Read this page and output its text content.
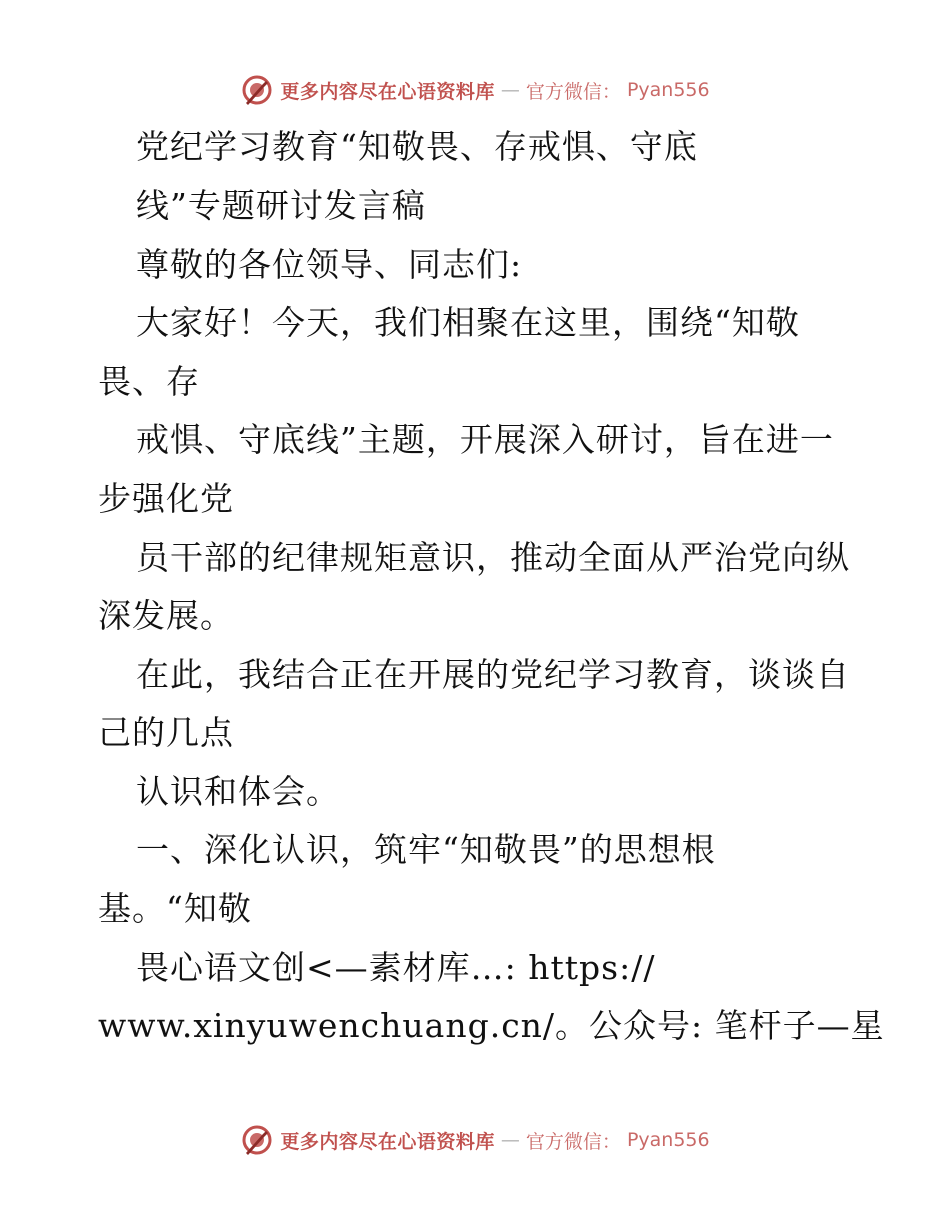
更多内容尽在心语资料库 — 官方微信： Pyan556
党纪学习教育“知敬畏、存戒惧、守底
线”专题研讨发言稿
尊敬的各位领导、同志们:
大家好！今天，我们相聚在这里，围绕“知敬
畏、存
戒惧、守底线”主题，开展深入研讨，旨在进一
步强化党
员干部的纪律规矩意识，推动全面从严治党向纵
深发展。
在此，我结合正在开展的党纪学习教育，谈谈自
己的几点
认识和体会。
一、深化认识，筑牢“知敬畏”的思想根
基。“知敬
畏心语文创<—素材库…: https://
www.xinyuwenchuang.cn/。公众号: 笔杆子—星
更多内容尽在心语资料库 — 官方微信： Pyan556
